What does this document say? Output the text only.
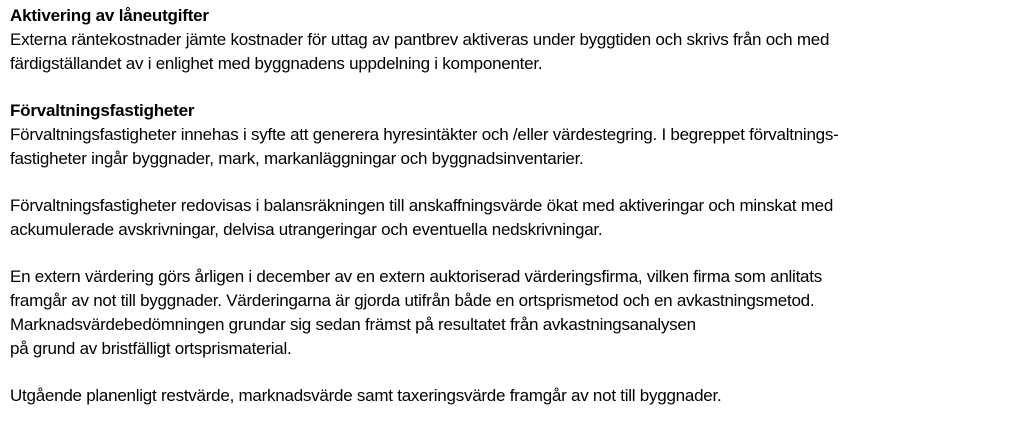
Aktivering av låneutgifter

Externa räntekostnader jämte kostnader för uttag av pantbrev aktiveras under byggtiden och skrivs från och med
färdigställandet av i enlighet med byggnadens uppdelning i komponenter.

Förvaltningsfastigheter

Förvaltningsfastigheter innehas i syfte att generera hyresintäkter och /eller värdestegring. I begreppet förvaltnings-
fastigheter ingår byggnader, mark, markanläggningar och byggnadsinventarier.

Förvaltningsfastigheter redovisas i balansräkningen till anskaffningsvärde ökat med aktiveringar och minskat med
ackumulerade avskrivningar, delvisa utrangeringar och eventuella nedskrivningar.

En extern värdering görs årligen i december av en extern auktoriserad värderingsfirma, vilken firma som anlitats
framgår av not till byggnader. Värderingarna är gjorda utifrån både en ortsprismetod och en avkastningsmetod.
Marknadsvärdebedömningen grundar sig sedan främst på resultatet från avkastningsanalysen
på grund av bristfälligt ortsprismaterial.

Utgående planenligt restvärde, marknadsvärde samt taxeringsvärde framgår av not till byggnader.
